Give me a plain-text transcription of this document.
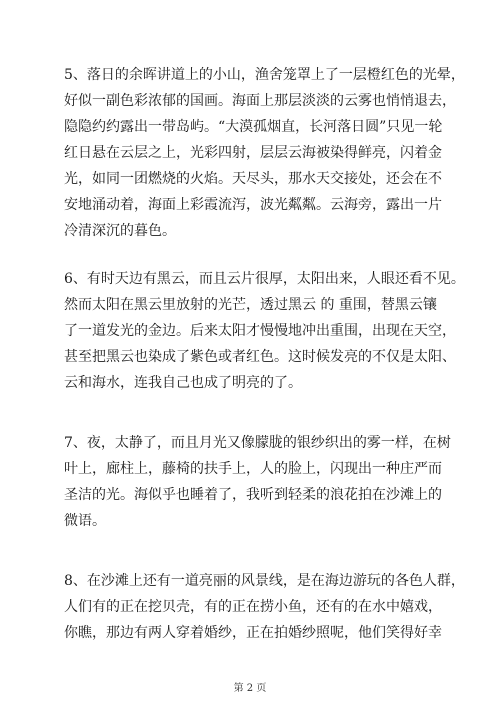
5、落日的余晖讲道上的小山，渔舍笼罩上了一层橙红色的光晕，
好似一副色彩浓郁的国画。海面上那层淡淡的云雾也悄悄退去，
隐隐约约露出一带岛屿。“大漠孤烟直，长河落日圆”只见一轮
红日悬在云层之上，光彩四射，层层云海被染得鲜亮，闪着金
光，如同一团燃烧的火焰。天尽头，那水天交接处，还会在不
安地涌动着，海面上彩霞流泻，波光粼粼。云海旁，露出一片
冷清深沉的暮色。
6、有时天边有黑云，而且云片很厚，太阳出来，人眼还看不见。
然而太阳在黑云里放射的光芒，透过黑云 的 重围，替黑云镶
了一道发光的金边。后来太阳才慢慢地冲出重围，出现在天空，
甚至把黑云也染成了紫色或者红色。这时候发亮的不仅是太阳、
云和海水，连我自己也成了明亮的了。
7、夜，太静了，而且月光又像朦胧的银纱织出的雾一样，在树
叶上，廊柱上，藤椅的扶手上，人的脸上，闪现出一种庄严而
圣洁的光。海似乎也睡着了，我听到轻柔的浪花拍在沙滩上的
微语。
8、在沙滩上还有一道亮丽的风景线，是在海边游玩的各色人群，
人们有的正在挖贝壳，有的正在捞小鱼，还有的在水中嬉戏，
你瞧，那边有两人穿着婚纱，正在拍婚纱照呢，他们笑得好幸
第 2 页
